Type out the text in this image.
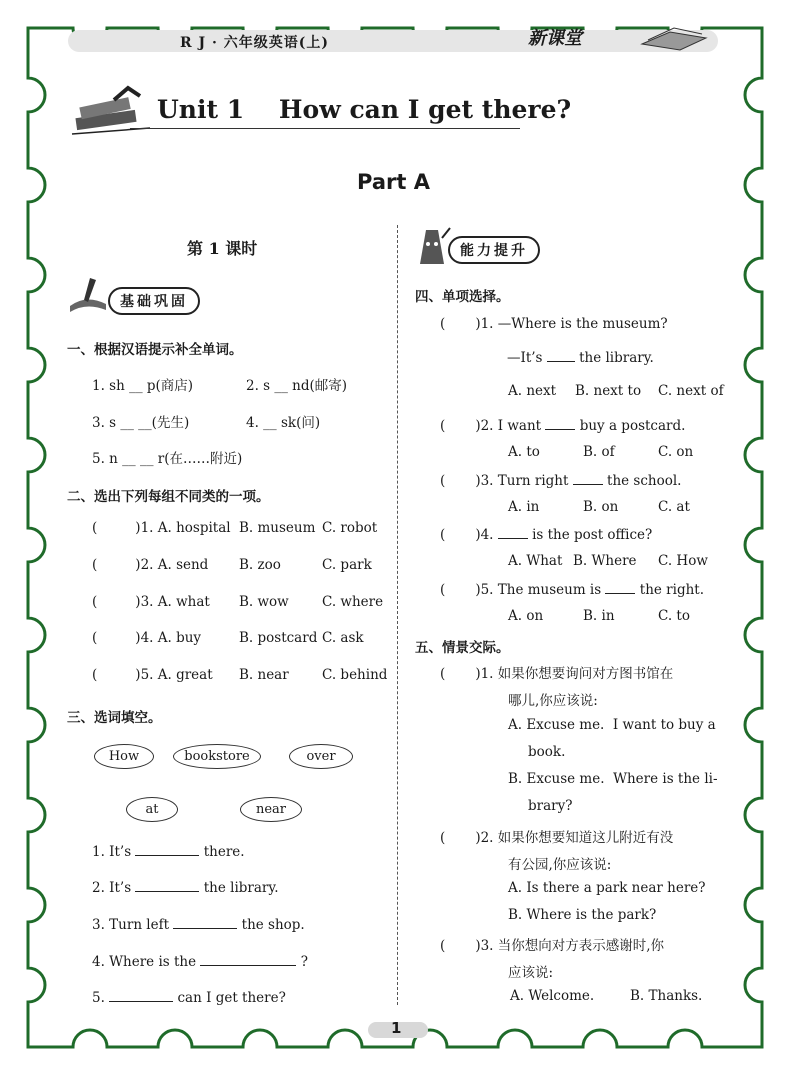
R J · 六年级英语(上)	新课堂
Unit 1    How can I get there?
Part A
第 1 课时
基础巩固
一、根据汉语提示补全单词。
1. sh __ p(商店)	2. s __ nd(邮寄)
3. s __ __(先生)	4. __ sk(问)
5. n __ __ r(在……附近)
二、选出下列每组不同类的一项。
(	)1. A. hospital B. museum C. robot
(	)2. A. send B. zoo	C. park
(	)3. A. what B. wow C. where
(	)4. A. buy	B. postcard C. ask
(	)5. A. great B. near C. behind
三、选词填空。
How	bookstore	over
at	near
1. It’s	there.
2. It’s	the library.
3. Turn left	the shop.
4. Where is the	?
5.	can I get there?
能力提升
四、单项选择。
(       )1. —Where is the museum?
—It’s	the library.
A. next B. next to C. next of
(       )2. I want	buy a postcard.
A. to	B. of	C. on
(       )3. Turn right	the school.
A. in	B. on	C. at
(       )4.	is the post office?
A. What B. Where C. How
(       )5. The museum is	the right.
A. on	B. in	C. to
五、情景交际。
(       )1. 如果你想要询问对方图书馆在
哪儿,你应该说:
A. Excuse me.  I want to buy a
book.
B. Excuse me.  Where is the li-
brary?
(       )2. 如果你想要知道这儿附近有没
有公园,你应该说:
A. Is there a park near here?
B. Where is the park?
(       )3. 当你想向对方表示感谢时,你
应该说:
A. Welcome.	B. Thanks.
1
